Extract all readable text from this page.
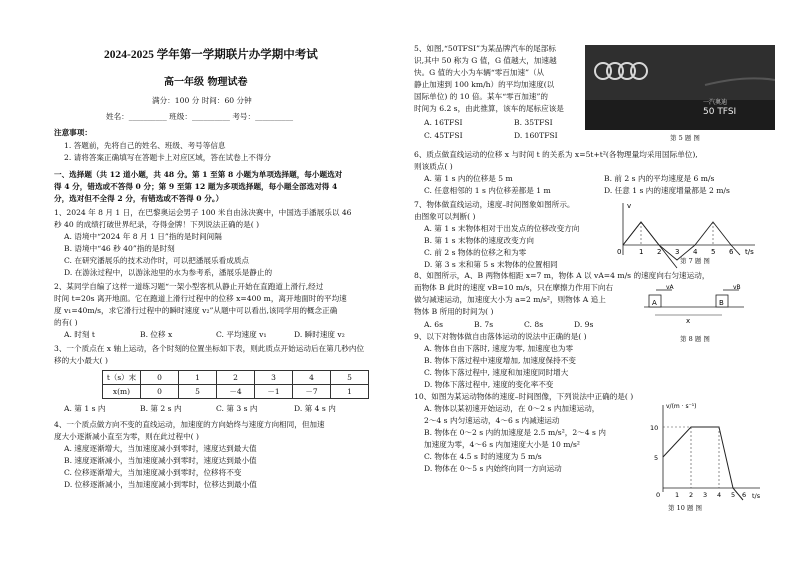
2024-2025 学年第一学期联片办学期中考试
高一年级 物理试卷
满分：100 分 时间：60 分钟
姓名：__________ 班级：__________ 考号：__________
注意事项：
1. 答题前，先将自己的姓名、班级、考号等信息
2. 请将答案正确填写在答题卡上对应区域，答在试卷上不得分
一、选择题（共 12 道小题，共 48 分。第 1 至第 8 小题为单项选择题，每小题选对
得 4 分，错选或不答得 0 分；第 9 至第 12 题为多项选择题，每小题全部选对得 4
分，选对但不全得 2 分，有错选或不答得 0 分。）
1、2024 年 8 月 1 日，在巴黎奥运会男子 100 米自由泳决赛中，中国选手潘展乐以 46
秒 40 的成绩打破世界纪录，夺得金牌！下列说法正确的是( )
A. 语境中“2024 年 8 月 1 日”指的是时间间隔
B. 语境中“46 秒 40”指的是时刻
C. 在研究潘展乐的技术动作时，可以把潘展乐看成质点
D. 在游泳过程中，以游泳池里的水为参考系，潘展乐是静止的
2、某同学自编了这样一道练习题“一架小型客机从静止开始在直跑道上滑行,经过
时间 t=20s 离开地面。它在跑道上滑行过程中的位移 x=400 m，离开地面时的平均速
度 v₁=40m/s，求它滑行过程中的瞬时速度 v₂”从题中可以看出,该同学用的概念正确
的有( )
A. 时刻 t	B. 位移 x	C. 平均速度 v₁	D. 瞬时速度 v₂
3、一个质点在 x 轴上运动，各个时刻的位置坐标如下表，则此质点开始运动后在第几秒内位
移的大小最大( )
t（s）末	0	1	2	3	4	5
x(m)	0	5	－4	－1	－7	1
A. 第 1 s 内	B. 第 2 s 内	C. 第 3 s 内	D. 第 4 s 内
4、一个质点做方向不变的直线运动，加速度的方向始终与速度方向相同，但加速
度大小逐渐减小直至为零，则在此过程中( )
A. 速度逐渐增大，当加速度减小到零时，速度达到最大值
B. 速度逐渐减小，当加速度减小到零时，速度达到最小值
C. 位移逐渐增大，当加速度减小到零时，位移将不变
D. 位移逐渐减小，当加速度减小到零时，位移达到最小值
5、如图,“50TFSI”为某品牌汽车的尾部标
识,其中 50 称为 G 值，G 值越大，加速越
快。G 值的大小为车辆“零百加速”（从
静止加速到 100 km/h）的平均加速度(以
国际单位) 的 10 倍。某车“零百加速”的
时间为 6.2 s，由此推算，该车的尾标应该是
A. 16TFSI	B. 35TFSI
C. 45TFSI	D. 160TFSI
6、质点做直线运动的位移 x 与时间 t 的关系为 x=5t+t²(各物理量均采用国际单位),
则该质点( )
A. 第 1 s 内的位移是 5 m	B. 前 2 s 内的平均速度是 6 m/s
C. 任意相邻的 1 s 内位移差都是 1 m	D. 任意 1 s 内的速度增量都是 2 m/s
7、物体做直线运动，速度–时间图象如图所示。
由图象可以判断( )
A. 第 1 s 末物体相对于出发点的位移改变方向
B. 第 1 s 末物体的速度改变方向
C. 前 2 s 物体的位移之和为零
D. 第 3 s 末和第 5 s 末物体的位置相同
8、如图所示，A、B 两物体相距 x=7 m，物体 A 以 vA=4 m/s 的速度向右匀速运动，
而物体 B 此时的速度 vB=10 m/s，只在摩擦力作用下向右
做匀减速运动，加速度大小为 a=2 m/s²，则物体 A 追上
物体 B 所用的时间为( )
A. 6s	B. 7s	C. 8s	D. 9s
9、以下对物体做自由落体运动的说法中正确的是( )
A. 物体自由下落时, 速度为零, 加速度也为零
B. 物体下落过程中速度增加, 加速度保持不变
C. 物体下落过程中, 速度和加速度同时增大
D. 物体下落过程中, 速度的变化率不变
10、如图为某运动物体的速度–时间图像，下列说法中正确的是( )
A. 物体以某初速开始运动，在 0～2 s 内加速运动，
2～4 s 内匀速运动，4～6 s 内减速运动
B. 物体在 0～2 s 内的加速度是 2.5 m/s²，2～4 s 内
加速度为零，4～6 s 内加速度大小是 10 m/s²
C. 物体在 4.5 s 时的速度为 5 m/s
D. 物体在 0～5 s 内始终向同一方向运动
一汽奥迪
50 TFSI
第 5 题 图
v
t/s
0	1 2 3 4 5 6
第 7 题 图
A	B
vA	vB
x
第 8 题 图
v/(m · s⁻¹)
t/s
10
5
0 1 2 3 4 5 6
第 10 题 图
